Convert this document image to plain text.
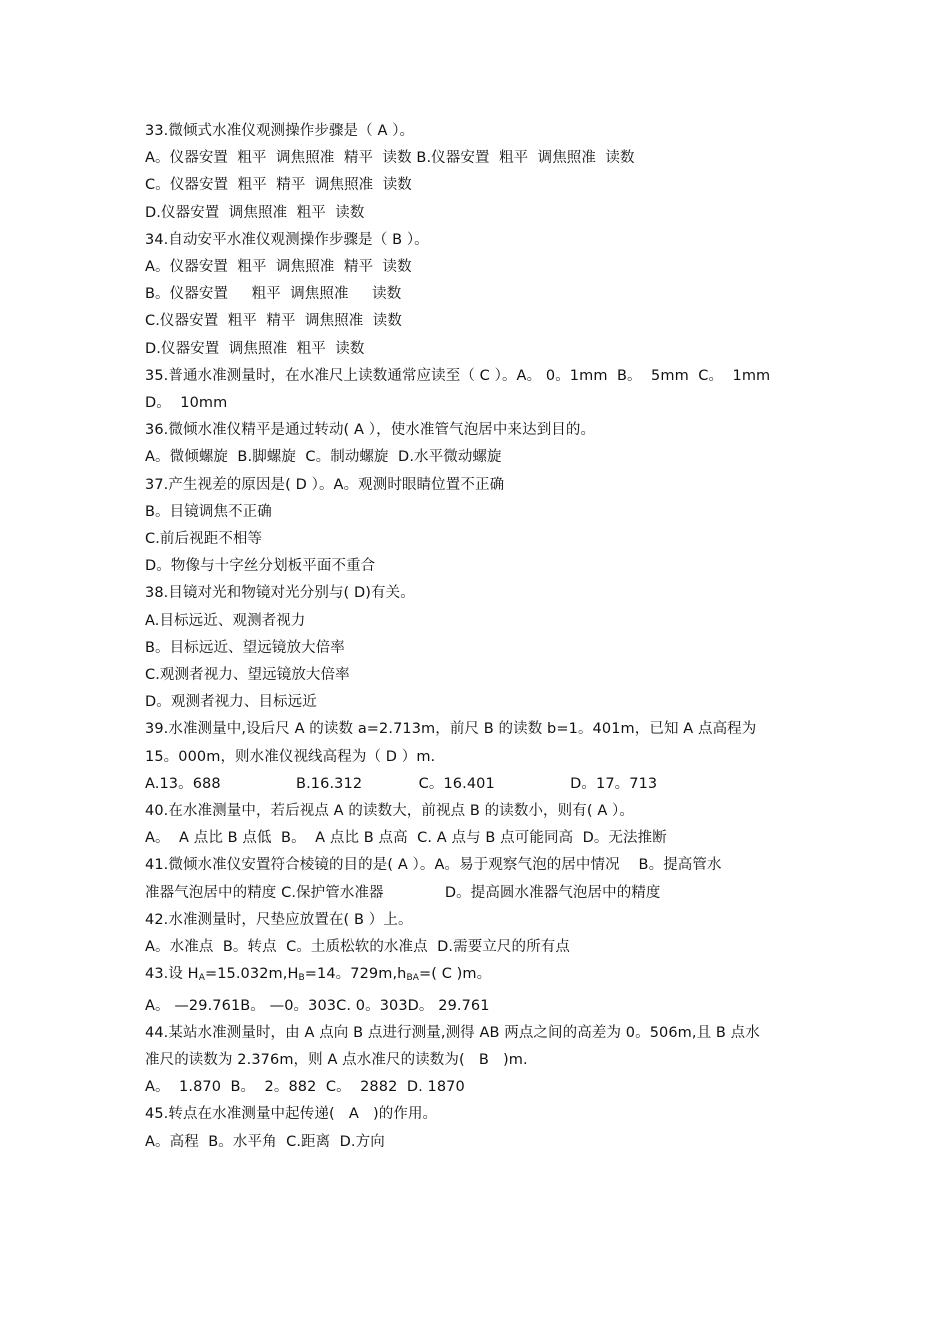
33.微倾式水准仪观测操作步骤是（ A ）。
A。仪器安置  粗平  调焦照准  精平  读数 B.仪器安置  粗平  调焦照准  读数
C。仪器安置  粗平  精平  调焦照准  读数
D.仪器安置  调焦照准  粗平  读数
34.自动安平水准仪观测操作步骤是（ B ）。
A。仪器安置  粗平  调焦照准  精平  读数
B。仪器安置     粗平  调焦照准     读数
C.仪器安置  粗平  精平  调焦照准  读数
D.仪器安置  调焦照准  粗平  读数
35.普通水准测量时，在水准尺上读数通常应读至（ C ）。A。 0。1mm  B。  5mm  C。  1mm
D。  10mm
36.微倾水准仪精平是通过转动( A ），使水准管气泡居中来达到目的。
A。微倾螺旋  B.脚螺旋  C。制动螺旋  D.水平微动螺旋
37.产生视差的原因是( D ）。A。观测时眼睛位置不正确
B。目镜调焦不正确
C.前后视距不相等
D。物像与十字丝分划板平面不重合
38.目镜对光和物镜对光分别与( D)有关。
A.目标远近、观测者视力
B。目标远近、望远镜放大倍率
C.观测者视力、望远镜放大倍率
D。观测者视力、目标远近
39.水准测量中,设后尺 A 的读数 a=2.713m，前尺 B 的读数 b=1。401m，已知 A 点高程为
15。000m，则水准仪视线高程为（ D ）m.
A.13。688                B.16.312            C。16.401                D。17。713
40.在水准测量中，若后视点 A 的读数大，前视点 B 的读数小，则有( A ）。
A。  A 点比 B 点低  B。  A 点比 B 点高  C. A 点与 B 点可能同高  D。无法推断
41.微倾水准仪安置符合棱镜的目的是( A ）。A。易于观察气泡的居中情况    B。提高管水
准器气泡居中的精度 C.保护管水准器             D。提高圆水准器气泡居中的精度
42.水准测量时，尺垫应放置在( B ）上。
A。水准点  B。转点  C。土质松软的水准点  D.需要立尺的所有点
43.设 $H_A=15.032m,H_B=14$。$729m,h_{BA}=$( C )m。
A。 —29.761B。 —0。303C. 0。303D。 29.761
44.某站水准测量时，由 A 点向 B 点进行测量,测得 AB 两点之间的高差为 0。506m,且 B 点水
准尺的读数为 2.376m，则 A 点水准尺的读数为(   B   )m.
A。  1.870  B。  2。882  C。  2882  D. 1870
45.转点在水准测量中起传递(   A   )的作用。
A。高程  B。水平角  C.距离  D.方向
